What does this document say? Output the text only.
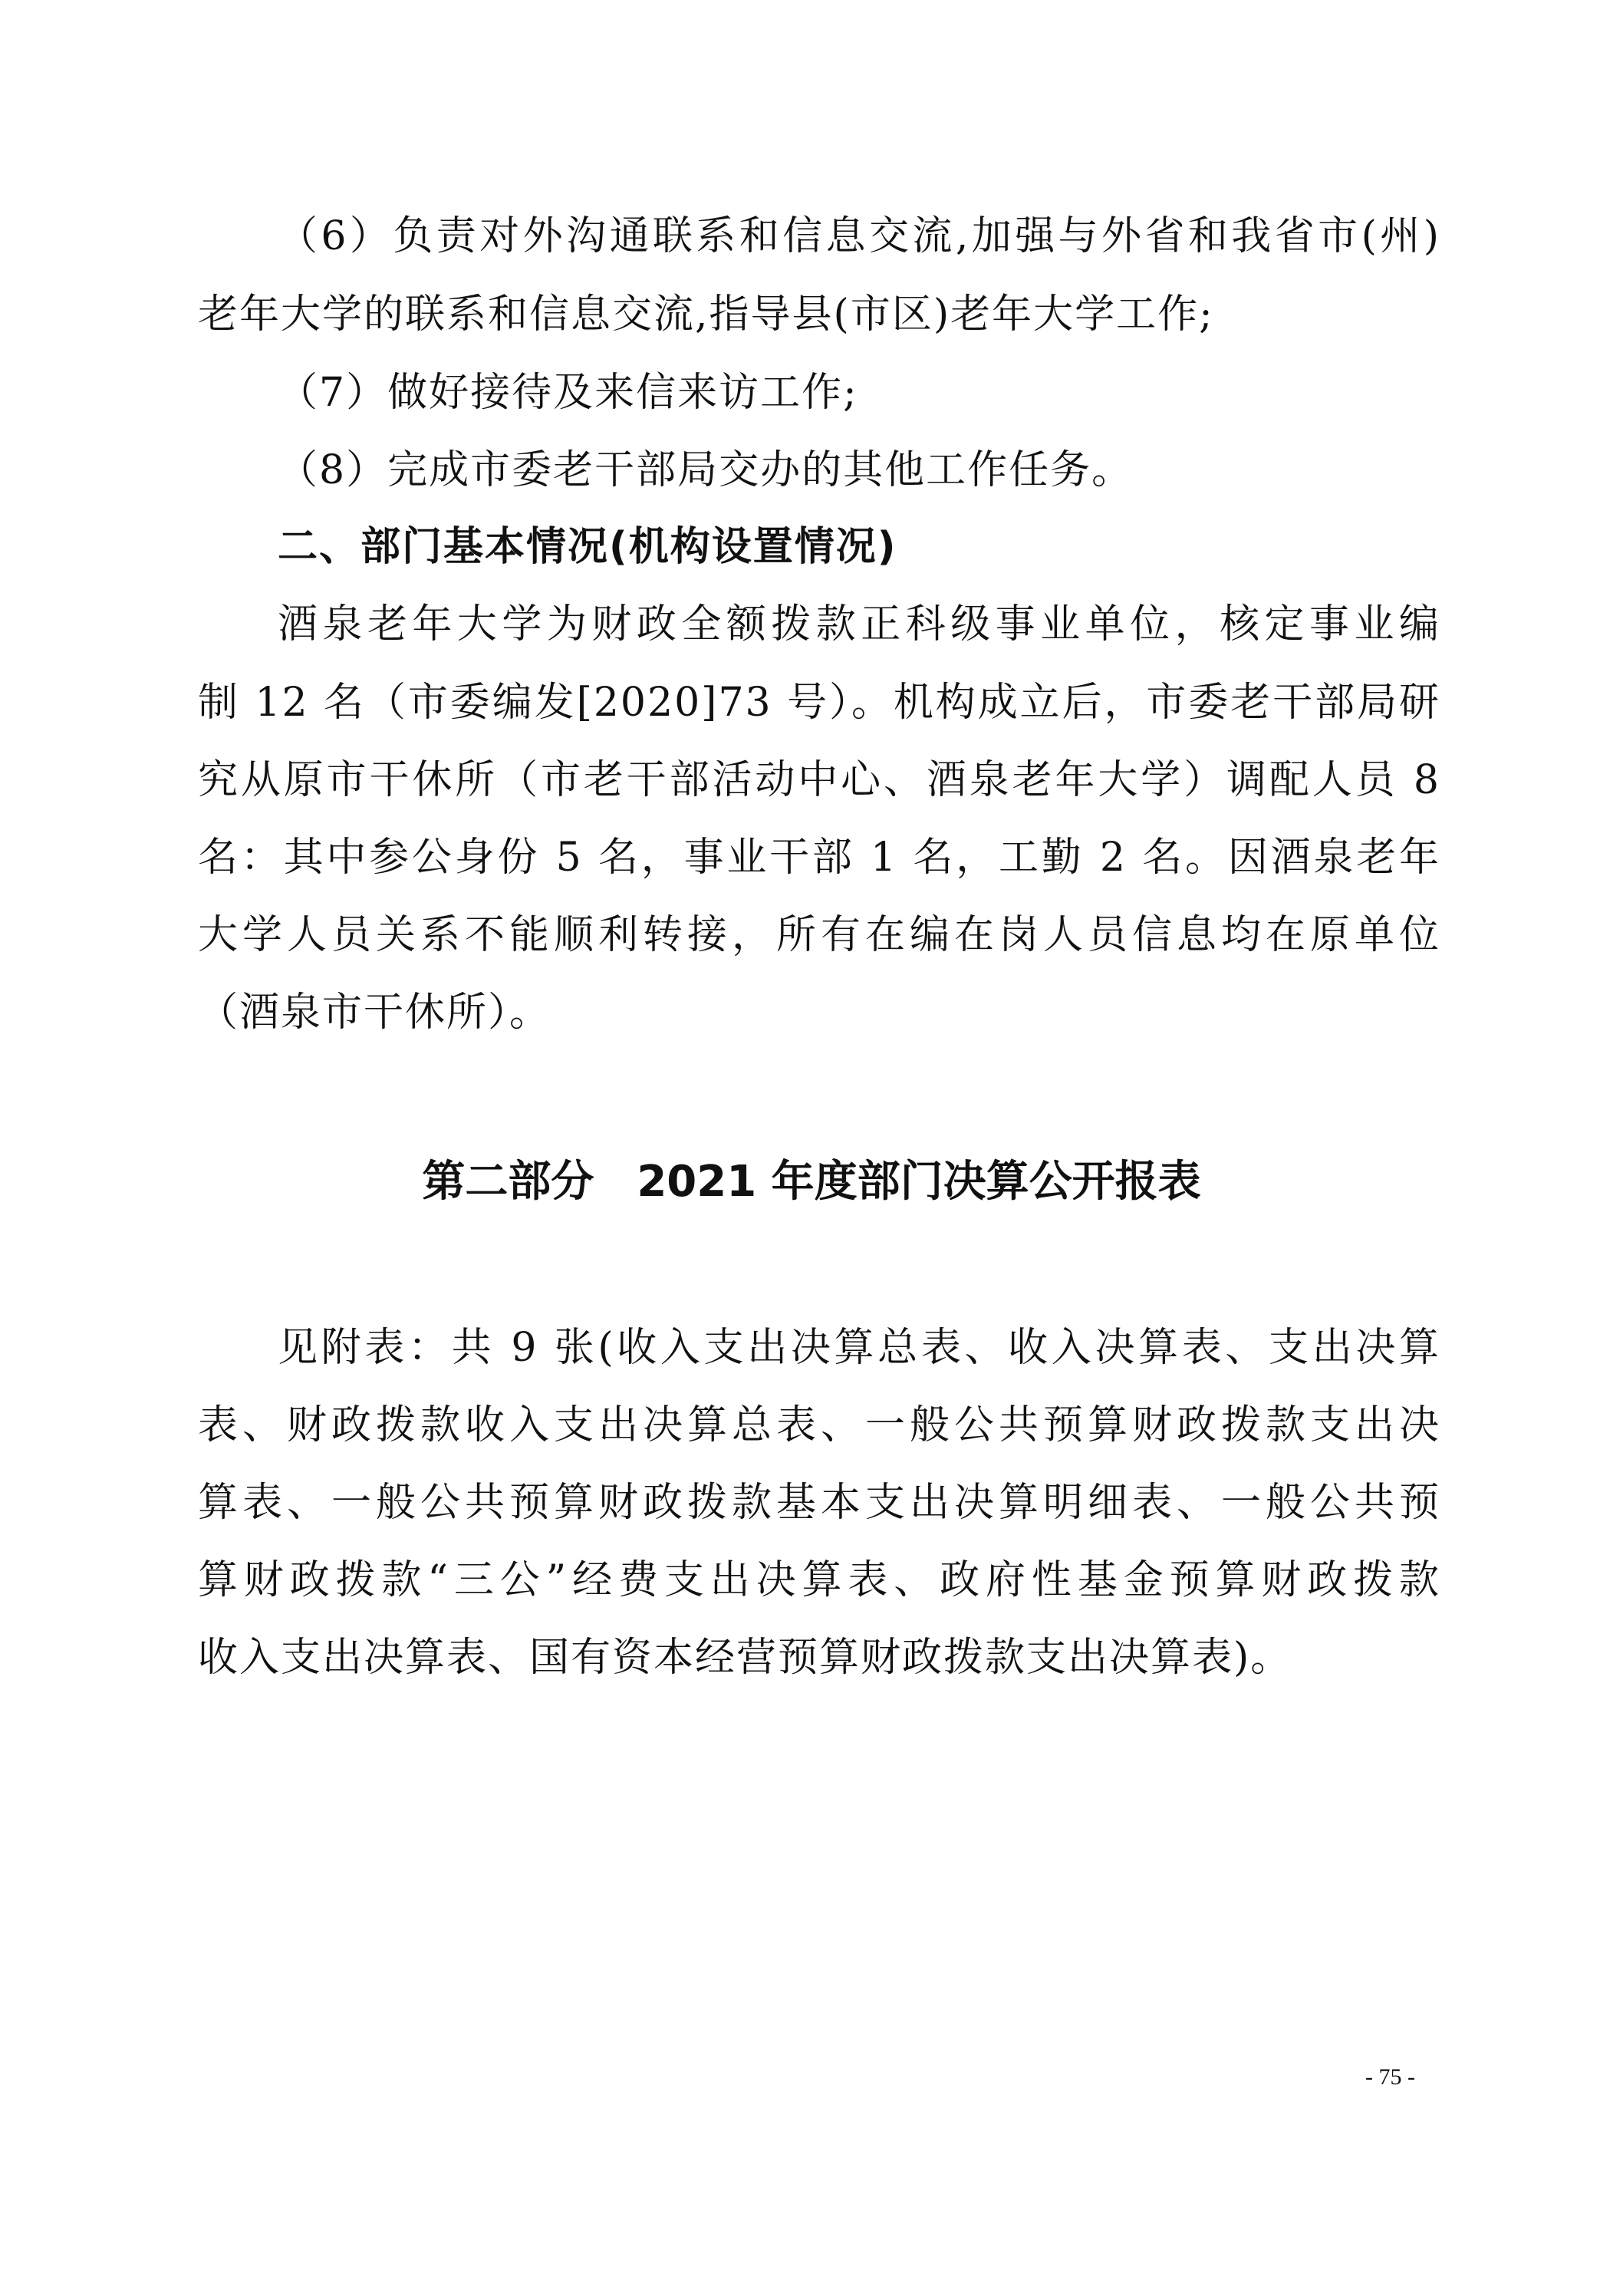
（6）负责对外沟通联系和信息交流,加强与外省和我省市(州)
老年大学的联系和信息交流,指导县(市区)老年大学工作;
（7）做好接待及来信来访工作;
（8）完成市委老干部局交办的其他工作任务。
二、部门基本情况(机构设置情况)
酒泉老年大学为财政全额拨款正科级事业单位，核定事业编
制 12 名（市委编发[2020]73 号）。机构成立后，市委老干部局研
究从原市干休所（市老干部活动中心、酒泉老年大学）调配人员 8
名：其中参公身份 5 名，事业干部 1 名，工勤 2 名。因酒泉老年
大学人员关系不能顺利转接，所有在编在岗人员信息均在原单位
（酒泉市干休所）。
第二部分　2021 年度部门决算公开报表
见附表：共 9 张(收入支出决算总表、收入决算表、支出决算
表、财政拨款收入支出决算总表、一般公共预算财政拨款支出决
算表、一般公共预算财政拨款基本支出决算明细表、一般公共预
算财政拨款“三公”经费支出决算表、政府性基金预算财政拨款
收入支出决算表、国有资本经营预算财政拨款支出决算表)。
- 75 -
